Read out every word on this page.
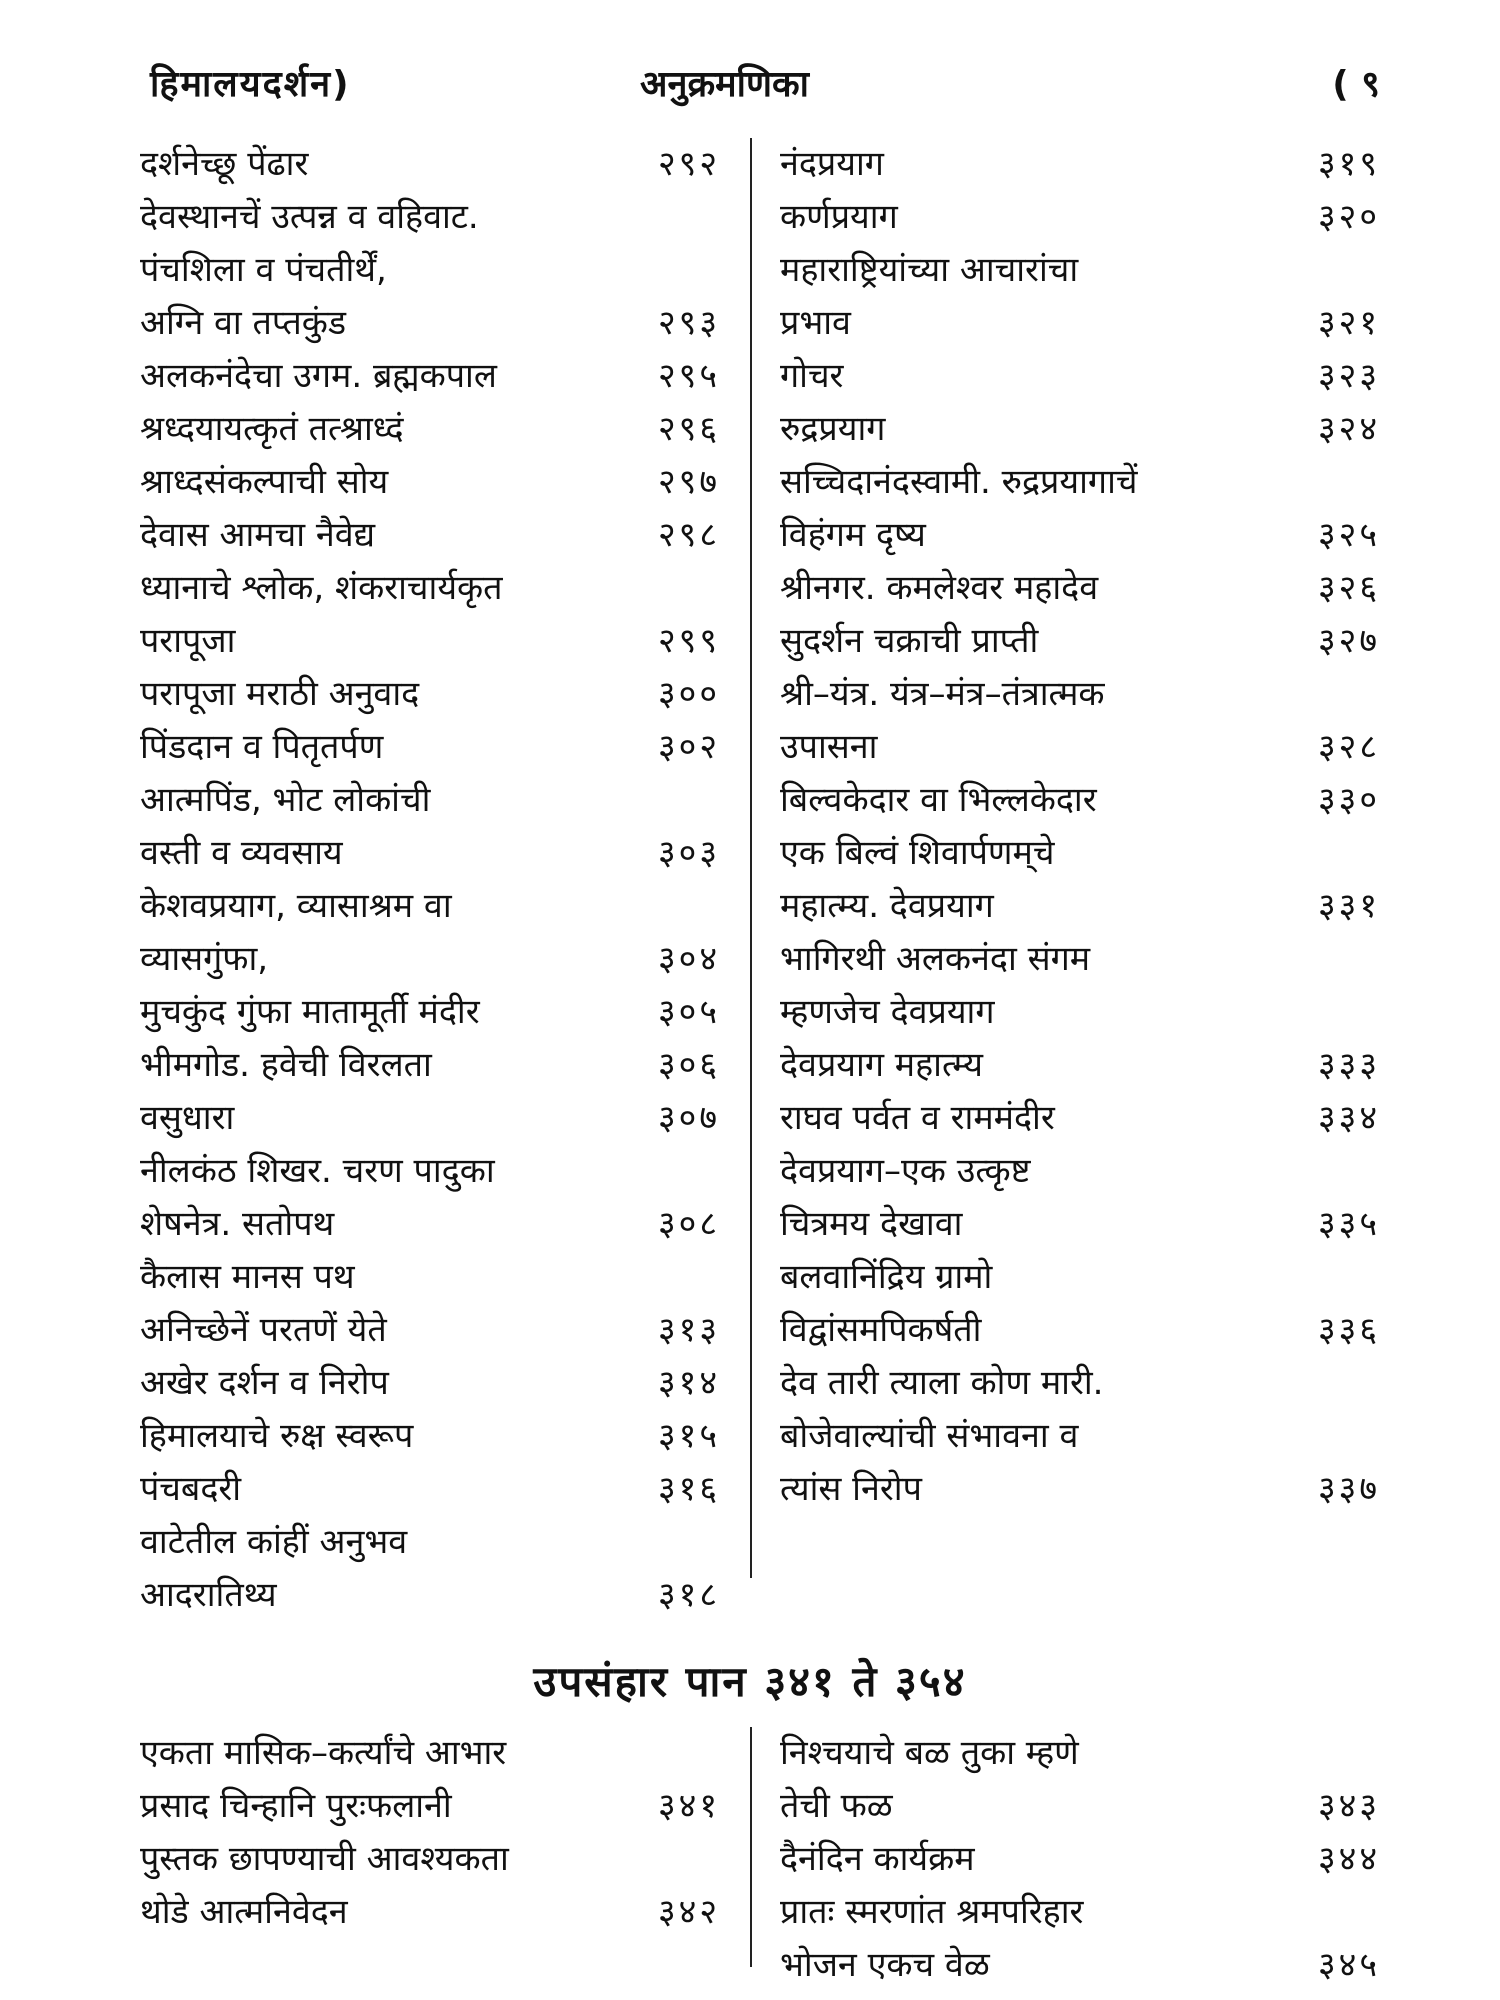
हिमालयदर्शन)	अनुक्रमणिका	( ९
दर्शनेच्छू पेंढार	२९२
देवस्थानचें उत्पन्न व वहिवाट.
पंचशिला व पंचतीर्थें,
अग्नि वा तप्तकुंड	२९३
अलकनंदेचा उगम. ब्रह्मकपाल	२९५
श्रध्दयायत्कृतं तत्श्राध्दं	२९६
श्राध्दसंकल्पाची सोय	२९७
देवास आमचा नैवेद्य	२९८
ध्यानाचे श्लोक, शंकराचार्यकृत
परापूजा	२९९
परापूजा मराठी अनुवाद	३००
पिंडदान व पितृतर्पण	३०२
आत्मपिंड, भोट लोकांची
वस्ती व व्यवसाय	३०३
केशवप्रयाग, व्यासाश्रम वा
व्यासगुंफा,	३०४
मुचकुंद गुंफा मातामूर्ती मंदीर	३०५
भीमगोड. हवेची विरलता	३०६
वसुधारा	३०७
नीलकंठ शिखर. चरण पादुका
शेषनेत्र. सतोपथ	३०८
कैलास मानस पथ
अनिच्छेनें परतणें येते	३१३
अखेर दर्शन व निरोप	३१४
हिमालयाचे रुक्ष स्वरूप	३१५
पंचबदरी	३१६
वाटेतील कांहीं अनुभव
आदरातिथ्य	३१८
नंदप्रयाग	३१९
कर्णप्रयाग	३२०
महाराष्ट्रियांच्या आचारांचा
प्रभाव	३२१
गोचर	३२३
रुद्रप्रयाग	३२४
सच्चिदानंदस्वामी. रुद्रप्रयागाचें
विहंगम दृष्य	३२५
श्रीनगर. कमलेश्वर महादेव	३२६
सुदर्शन चक्राची प्राप्ती	३२७
श्री–यंत्र. यंत्र–मंत्र–तंत्रात्मक
उपासना	३२८
बिल्वकेदार वा भिल्लकेदार	३३०
एक बिल्वं शिवार्पणम्‌चे
महात्म्य. देवप्रयाग	३३१
भागिरथी अलकनंदा संगम
म्हणजेच देवप्रयाग
देवप्रयाग महात्म्य	३३३
राघव पर्वत व राममंदीर	३३४
देवप्रयाग–एक उत्कृष्ट
चित्रमय देखावा	३३५
बलवानिंद्रिय ग्रामो
विद्वांसमपिकर्षती	३३६
देव तारी त्याला कोण मारी.
बोजेवाल्यांची संभावना व
त्यांस निरोप	३३७
उपसंहार पान ३४१ ते ३५४
एकता मासिक–कर्त्यांचे आभार
प्रसाद चिन्हानि पुरःफलानी	३४१
पुस्तक छापण्याची आवश्यकता
थोडे आत्मनिवेदन	३४२
निश्चयाचे बळ तुका म्हणे
तेची फळ	३४३
दैनंदिन कार्यक्रम	३४४
प्रातः स्मरणांत श्रमपरिहार
भोजन एकच वेळ	३४५
